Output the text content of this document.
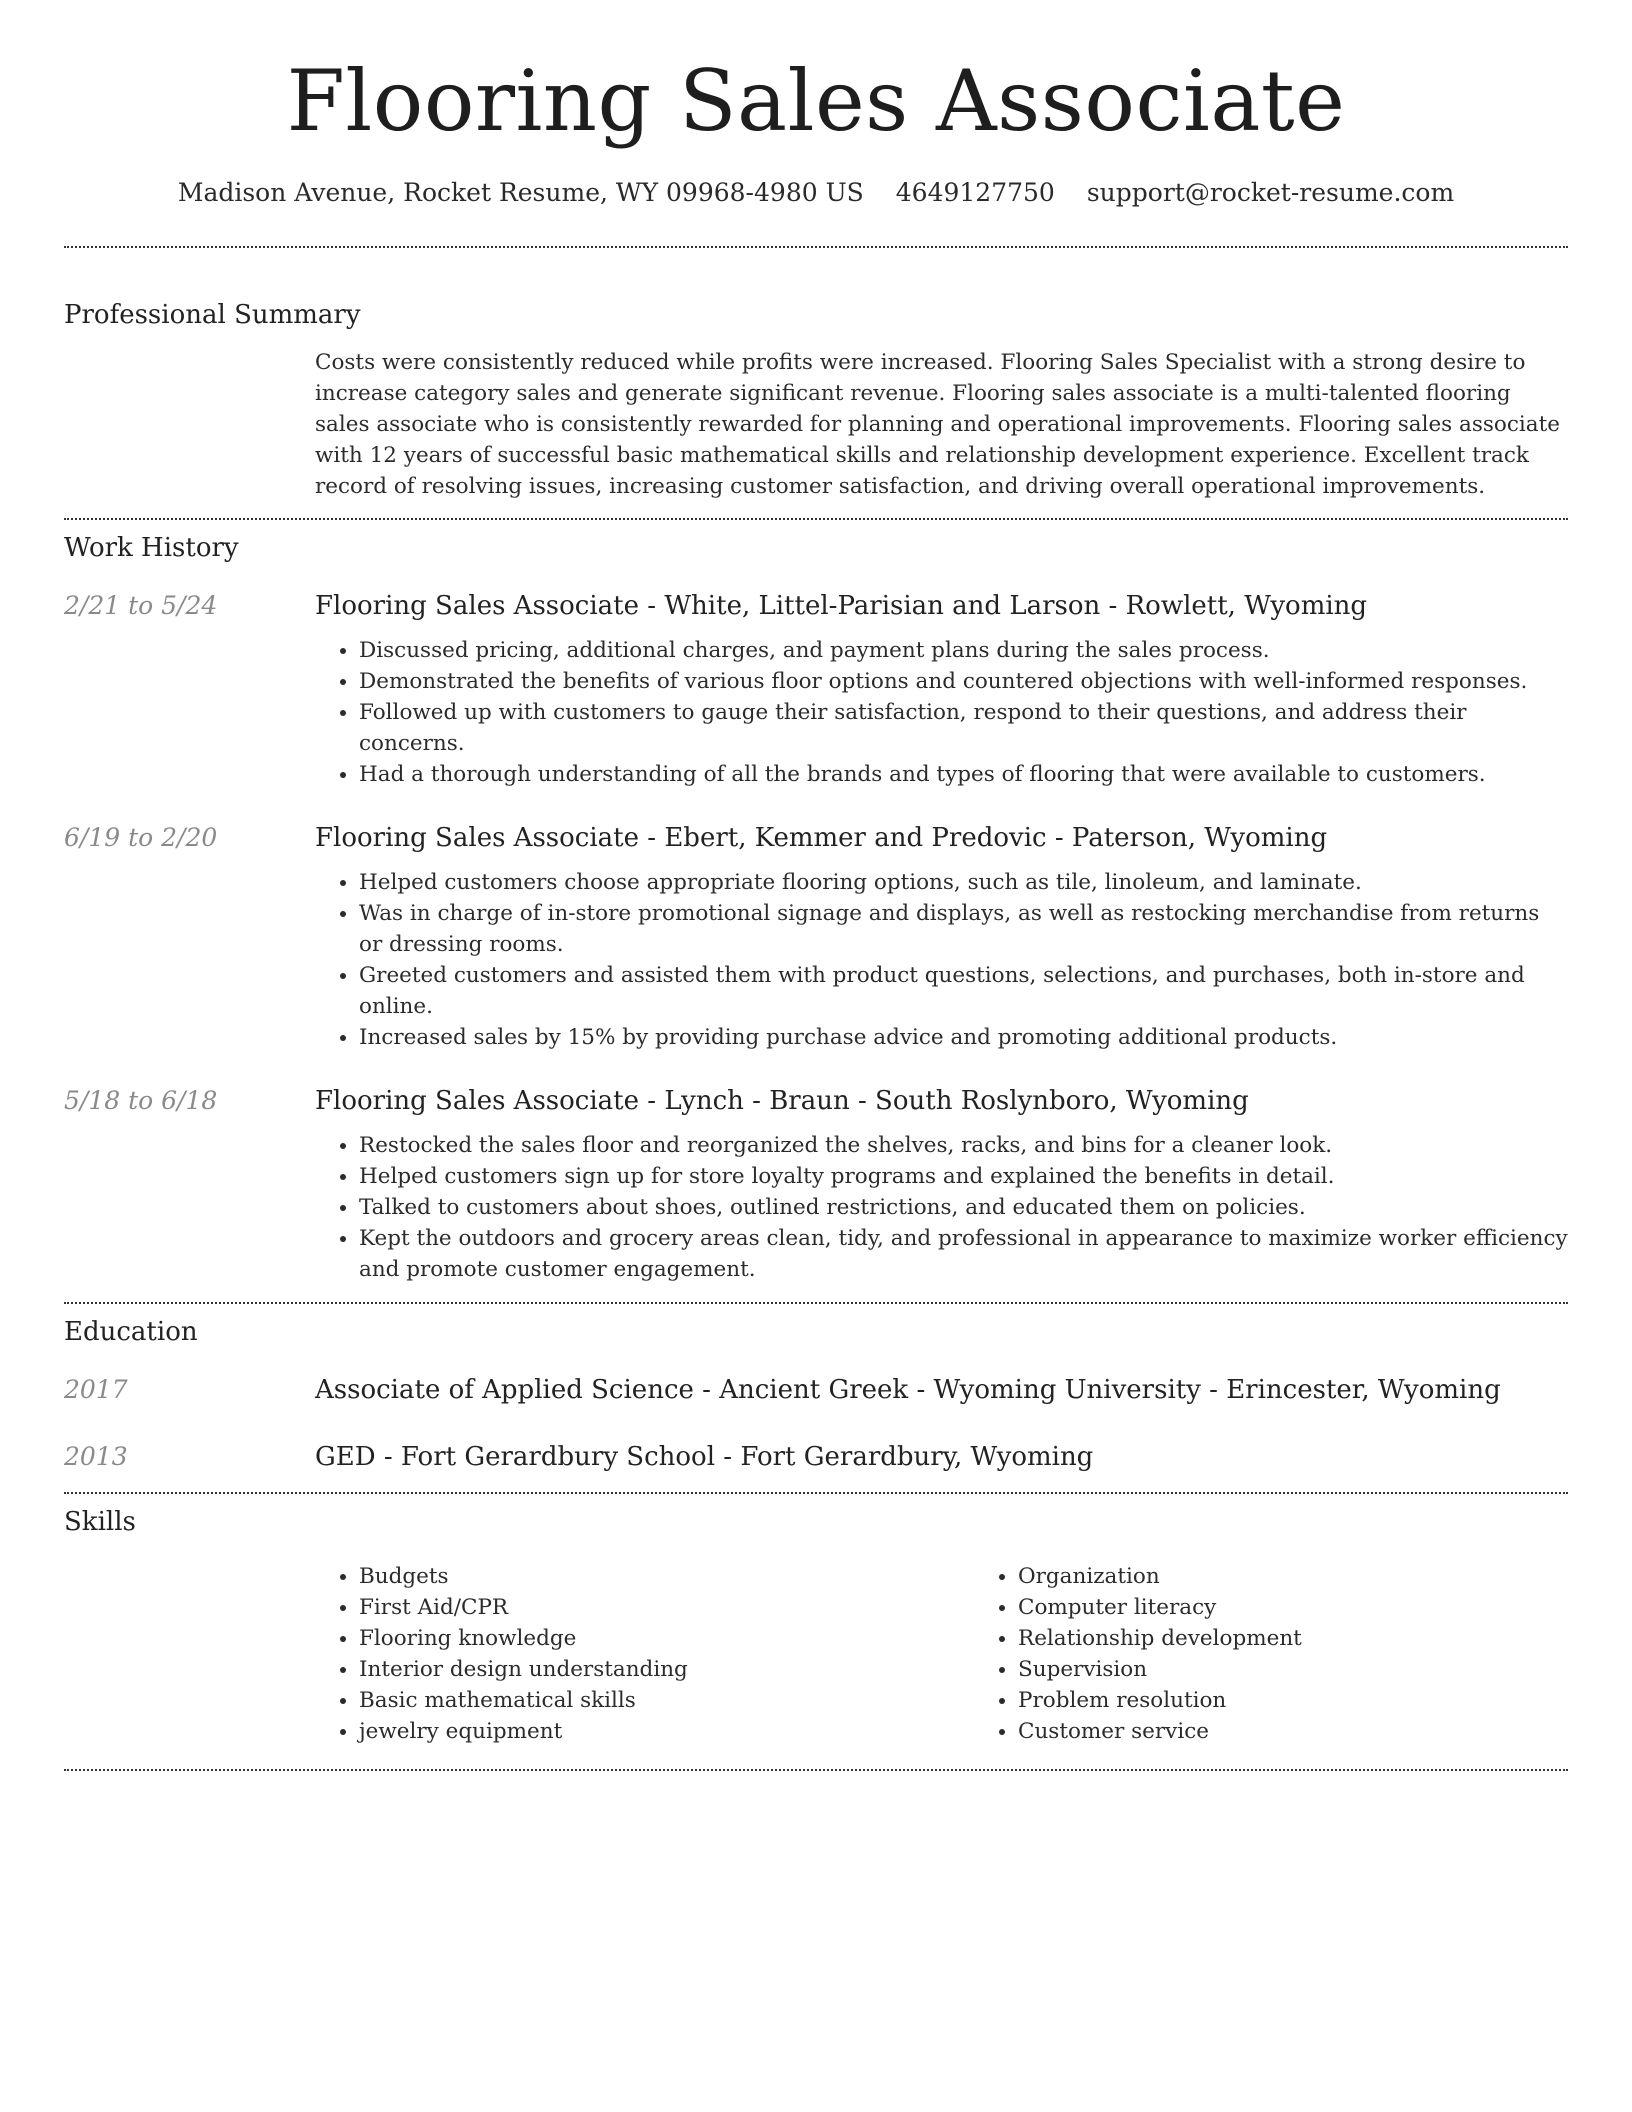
Flooring Sales Associate
Madison Avenue, Rocket Resume, WY 09968-4980 US 4649127750 support@rocket-resume.com
Professional Summary

Costs were consistently reduced while profits were increased. Flooring Sales Specialist with a strong desire to increase category sales and generate significant revenue. Flooring sales associate is a multi-talented flooring sales associate who is consistently rewarded for planning and operational improvements. Flooring sales associate with 12 years of successful basic mathematical skills and relationship development experience. Excellent track record of resolving issues, increasing customer satisfaction, and driving overall operational improvements.

Work History
2/21 to 5/24	Flooring Sales Associate - White, Littel-Parisian and Larson - Rowlett, Wyoming
• Discussed pricing, additional charges, and payment plans during the sales process.
• Demonstrated the benefits of various floor options and countered objections with well-informed responses.
• Followed up with customers to gauge their satisfaction, respond to their questions, and address their concerns.
• Had a thorough understanding of all the brands and types of flooring that were available to customers.
6/19 to 2/20	Flooring Sales Associate - Ebert, Kemmer and Predovic - Paterson, Wyoming
• Helped customers choose appropriate flooring options, such as tile, linoleum, and laminate.
• Was in charge of in-store promotional signage and displays, as well as restocking merchandise from returns or dressing rooms.
• Greeted customers and assisted them with product questions, selections, and purchases, both in-store and online.
• Increased sales by 15% by providing purchase advice and promoting additional products.
5/18 to 6/18	Flooring Sales Associate - Lynch - Braun - South Roslynboro, Wyoming
• Restocked the sales floor and reorganized the shelves, racks, and bins for a cleaner look.
• Helped customers sign up for store loyalty programs and explained the benefits in detail.
• Talked to customers about shoes, outlined restrictions, and educated them on policies.
• Kept the outdoors and grocery areas clean, tidy, and professional in appearance to maximize worker efficiency and promote customer engagement.
Education
2017	Associate of Applied Science - Ancient Greek - Wyoming University - Erincester, Wyoming
2013	GED - Fort Gerardbury School - Fort Gerardbury, Wyoming
Skills
• Budgets
• First Aid/CPR
• Flooring knowledge
• Interior design understanding
• Basic mathematical skills
• jewelry equipment
• Organization
• Computer literacy
• Relationship development
• Supervision
• Problem resolution
• Customer service
